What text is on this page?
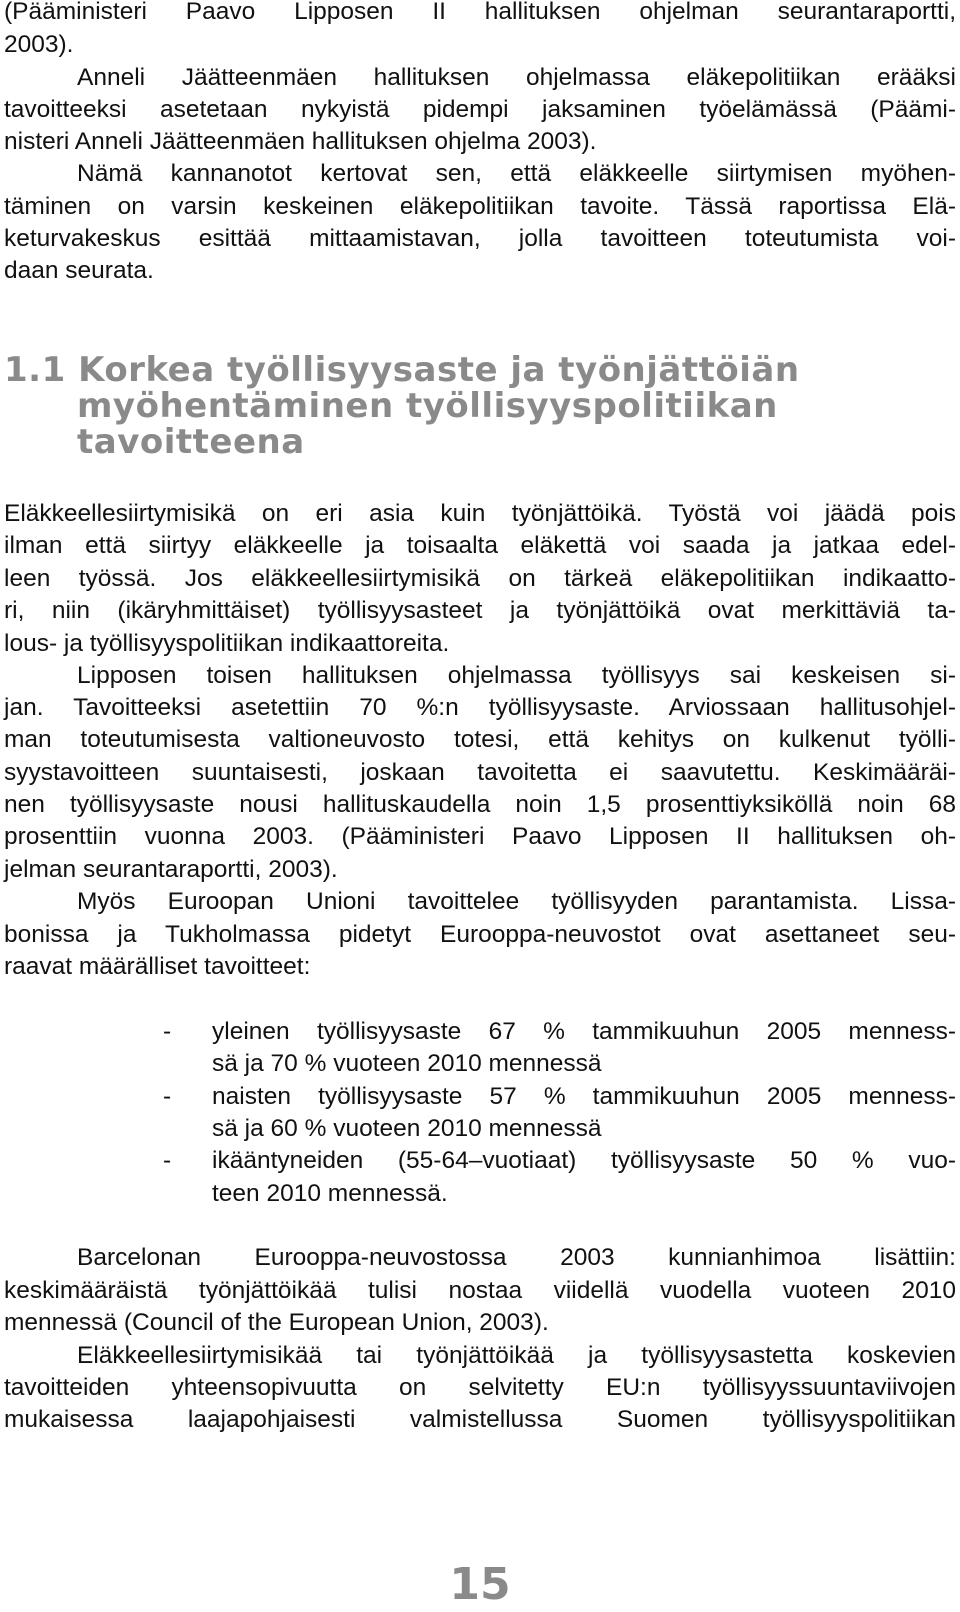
(Pääministeri Paavo Lipposen II hallituksen ohjelman seurantaraportti,
2003).
Anneli Jäätteenmäen hallituksen ohjelmassa eläkepolitiikan erääksi
tavoitteeksi asetetaan nykyistä pidempi jaksaminen työelämässä (Päämi-
nisteri Anneli Jäätteenmäen hallituksen ohjelma 2003).
Nämä kannanotot kertovat sen, että eläkkeelle siirtymisen myöhen-
täminen on varsin keskeinen eläkepolitiikan tavoite. Tässä raportissa Elä-
keturvakeskus esittää mittaamistavan, jolla tavoitteen toteutumista voi-
daan seurata.
1.1 Korkea työllisyysaste ja työnjättöiän
myöhentäminen työllisyyspolitiikan
tavoitteena
Eläkkeellesiirtymisikä on eri asia kuin työnjättöikä. Työstä voi jäädä pois
ilman että siirtyy eläkkeelle ja toisaalta eläkettä voi saada ja jatkaa edel-
leen työssä. Jos eläkkeellesiirtymisikä on tärkeä eläkepolitiikan indikaatto-
ri, niin (ikäryhmittäiset) työllisyysasteet ja työnjättöikä ovat merkittäviä ta-
lous- ja työllisyyspolitiikan indikaattoreita.
Lipposen toisen hallituksen ohjelmassa työllisyys sai keskeisen si-
jan. Tavoitteeksi asetettiin 70 %:n työllisyysaste. Arviossaan hallitusohjel-
man toteutumisesta valtioneuvosto totesi, että kehitys on kulkenut työlli-
syystavoitteen suuntaisesti, joskaan tavoitetta ei saavutettu. Keskimääräi-
nen työllisyysaste nousi hallituskaudella noin 1,5 prosenttiyksiköllä noin 68
prosenttiin vuonna 2003. (Pääministeri Paavo Lipposen II hallituksen oh-
jelman seurantaraportti, 2003).
Myös Euroopan Unioni tavoittelee työllisyyden parantamista. Lissa-
bonissa ja Tukholmassa pidetyt Eurooppa-neuvostot ovat asettaneet seu-
raavat määrälliset tavoitteet:
- yleinen työllisyysaste 67 % tammikuuhun 2005 menness-
sä ja 70 % vuoteen 2010 mennessä
- naisten työllisyysaste 57 % tammikuuhun 2005 menness-
sä ja 60 % vuoteen 2010 mennessä
- ikääntyneiden (55-64–vuotiaat) työllisyysaste 50 % vuo-
teen 2010 mennessä.
Barcelonan Eurooppa-neuvostossa 2003 kunnianhimoa lisättiin:
keskimääräistä työnjättöikää tulisi nostaa viidellä vuodella vuoteen 2010
mennessä (Council of the European Union, 2003).
Eläkkeellesiirtymisikää tai työnjättöikää ja työllisyysastetta koskevien
tavoitteiden yhteensopivuutta on selvitetty EU:n työllisyyssuuntaviivojen
mukaisessa laajapohjaisesti valmistellussa Suomen työllisyyspolitiikan
15
